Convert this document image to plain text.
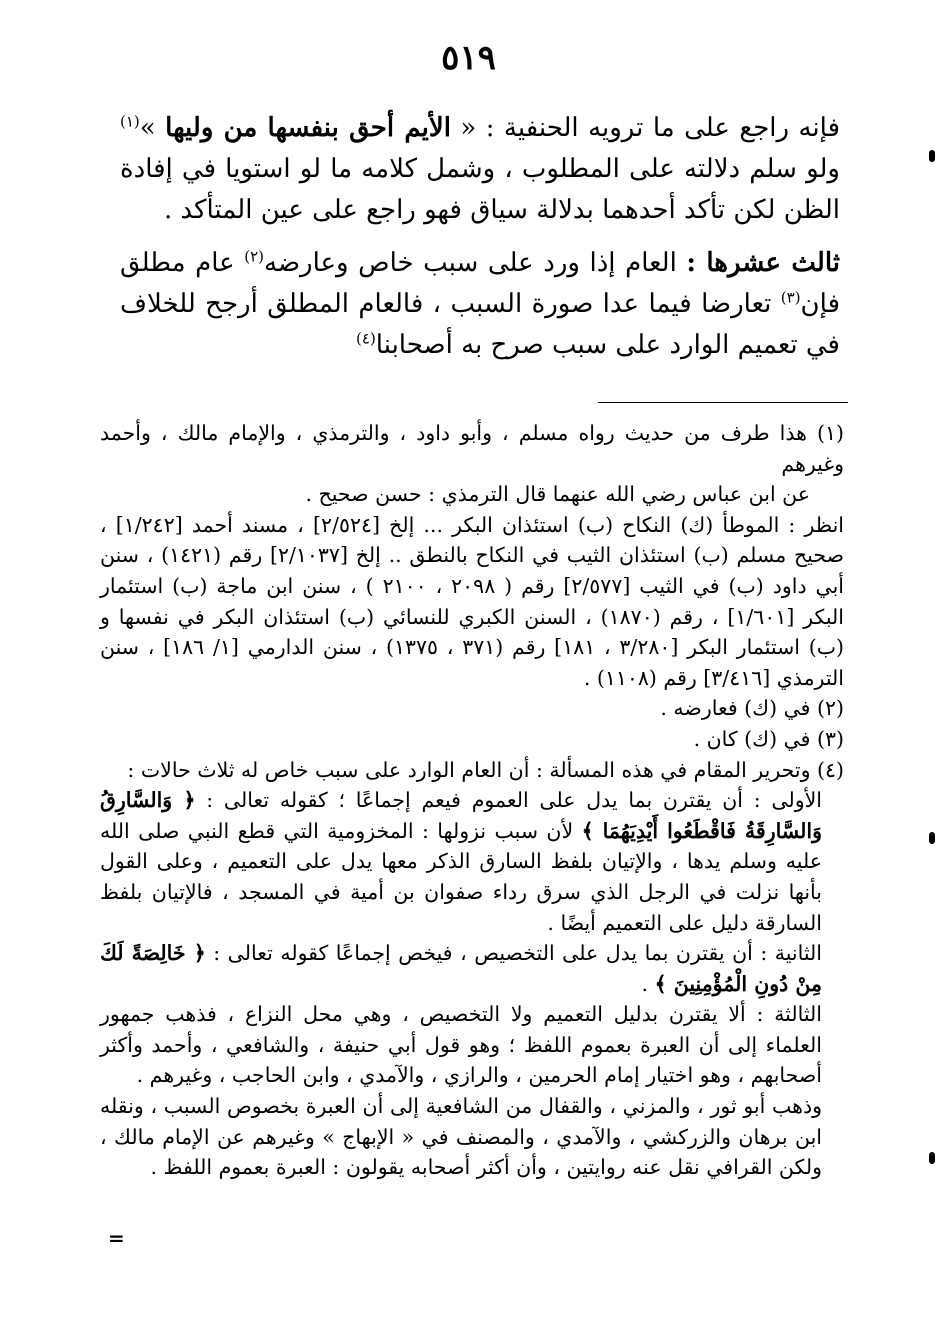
٥١٩

فإنه راجع على ما ترويه الحنفية : « الأيم أحق بنفسها من وليها »$^{(١)}$ ولو سلم دلالته على المطلوب ، وشمل كلامه ما لو استويا في إفادة الظن لكن تأكد أحدهما بدلالة سياق فهو راجع على عين المتأكد .

ثالث عشرها : العام إذا ورد على سبب خاص وعارضه$^{(٢)}$ عام مطلق فإن$^{(٣)}$ تعارضا فيما عدا صورة السبب ، فالعام المطلق أرجح للخلاف في تعميم الوارد على سبب صرح به أصحابنا$^{(٤)}$

(١) هذا طرف من حديث رواه مسلم ، وأبو داود ، والترمذي ، والإمام مالك ، وأحمد وغيرهم

عن ابن عباس رضي الله عنهما قال الترمذي : حسن صحيح .

انظر : الموطأ (ك) النكاح (ب) استئذان البكر ... إلخ [٢/٥٢٤] ، مسند أحمد [١/٢٤٢] ، صحيح مسلم (ب) استئذان الثيب في النكاح بالنطق .. إلخ [٢/١٠٣٧] رقم (١٤٢١) ، سنن أبي داود (ب) في الثيب [٢/٥٧٧] رقم ( ٢٠٩٨ ، ٢١٠٠ ) ، سنن ابن ماجة (ب) استئمار البكر [١/٦٠١] ، رقم (١٨٧٠) ، السنن الكبري للنسائي (ب) استئذان البكر في نفسها و (ب) استئمار البكر [٣/٢٨٠ ، ١٨١] رقم (٣٧١ ، ١٣٧٥) ، سنن الدارمي [١/ ١٨٦] ، سنن الترمذي [٣/٤١٦] رقم (١١٠٨) .

(٢) في (ك) فعارضه .

(٣) في (ك) كان .

(٤) وتحرير المقام في هذه المسألة : أن العام الوارد على سبب خاص له ثلاث حالات :

الأولى : أن يقترن بما يدل على العموم فيعم إجماعًا ؛ كقوله تعالى : ﴿ وَالسَّارِقُ وَالسَّارِقَةُ فَاقْطَعُوا أَيْدِيَهُمَا ﴾ لأن سبب نزولها : المخزومية التي قطع النبي صلى الله عليه وسلم يدها ، والإتيان بلفظ السارق الذكر معها يدل على التعميم ، وعلى القول بأنها نزلت في الرجل الذي سرق رداء صفوان بن أمية في المسجد ، فالإتيان بلفظ السارقة دليل على التعميم أيضًا .

الثانية : أن يقترن بما يدل على التخصيص ، فيخص إجماعًا كقوله تعالى : ﴿ خَالِصَةً لَكَ مِنْ دُونِ الْمُؤْمِنِينَ ﴾ .

الثالثة : ألا يقترن بدليل التعميم ولا التخصيص ، وهي محل النزاع ، فذهب جمهور العلماء إلى أن العبرة بعموم اللفظ ؛ وهو قول أبي حنيفة ، والشافعي ، وأحمد وأكثر أصحابهم ، وهو اختيار إمام الحرمين ، والرازي ، والآمدي ، وابن الحاجب ، وغيرهم .

وذهب أبو ثور ، والمزني ، والقفال من الشافعية إلى أن العبرة بخصوص السبب ، ونقله ابن برهان والزركشي ، والآمدي ، والمصنف في « الإبهاج » وغيرهم عن الإمام مالك ، ولكن القرافي نقل عنه روايتين ، وأن أكثر أصحابه يقولون : العبرة بعموم اللفظ .

=
